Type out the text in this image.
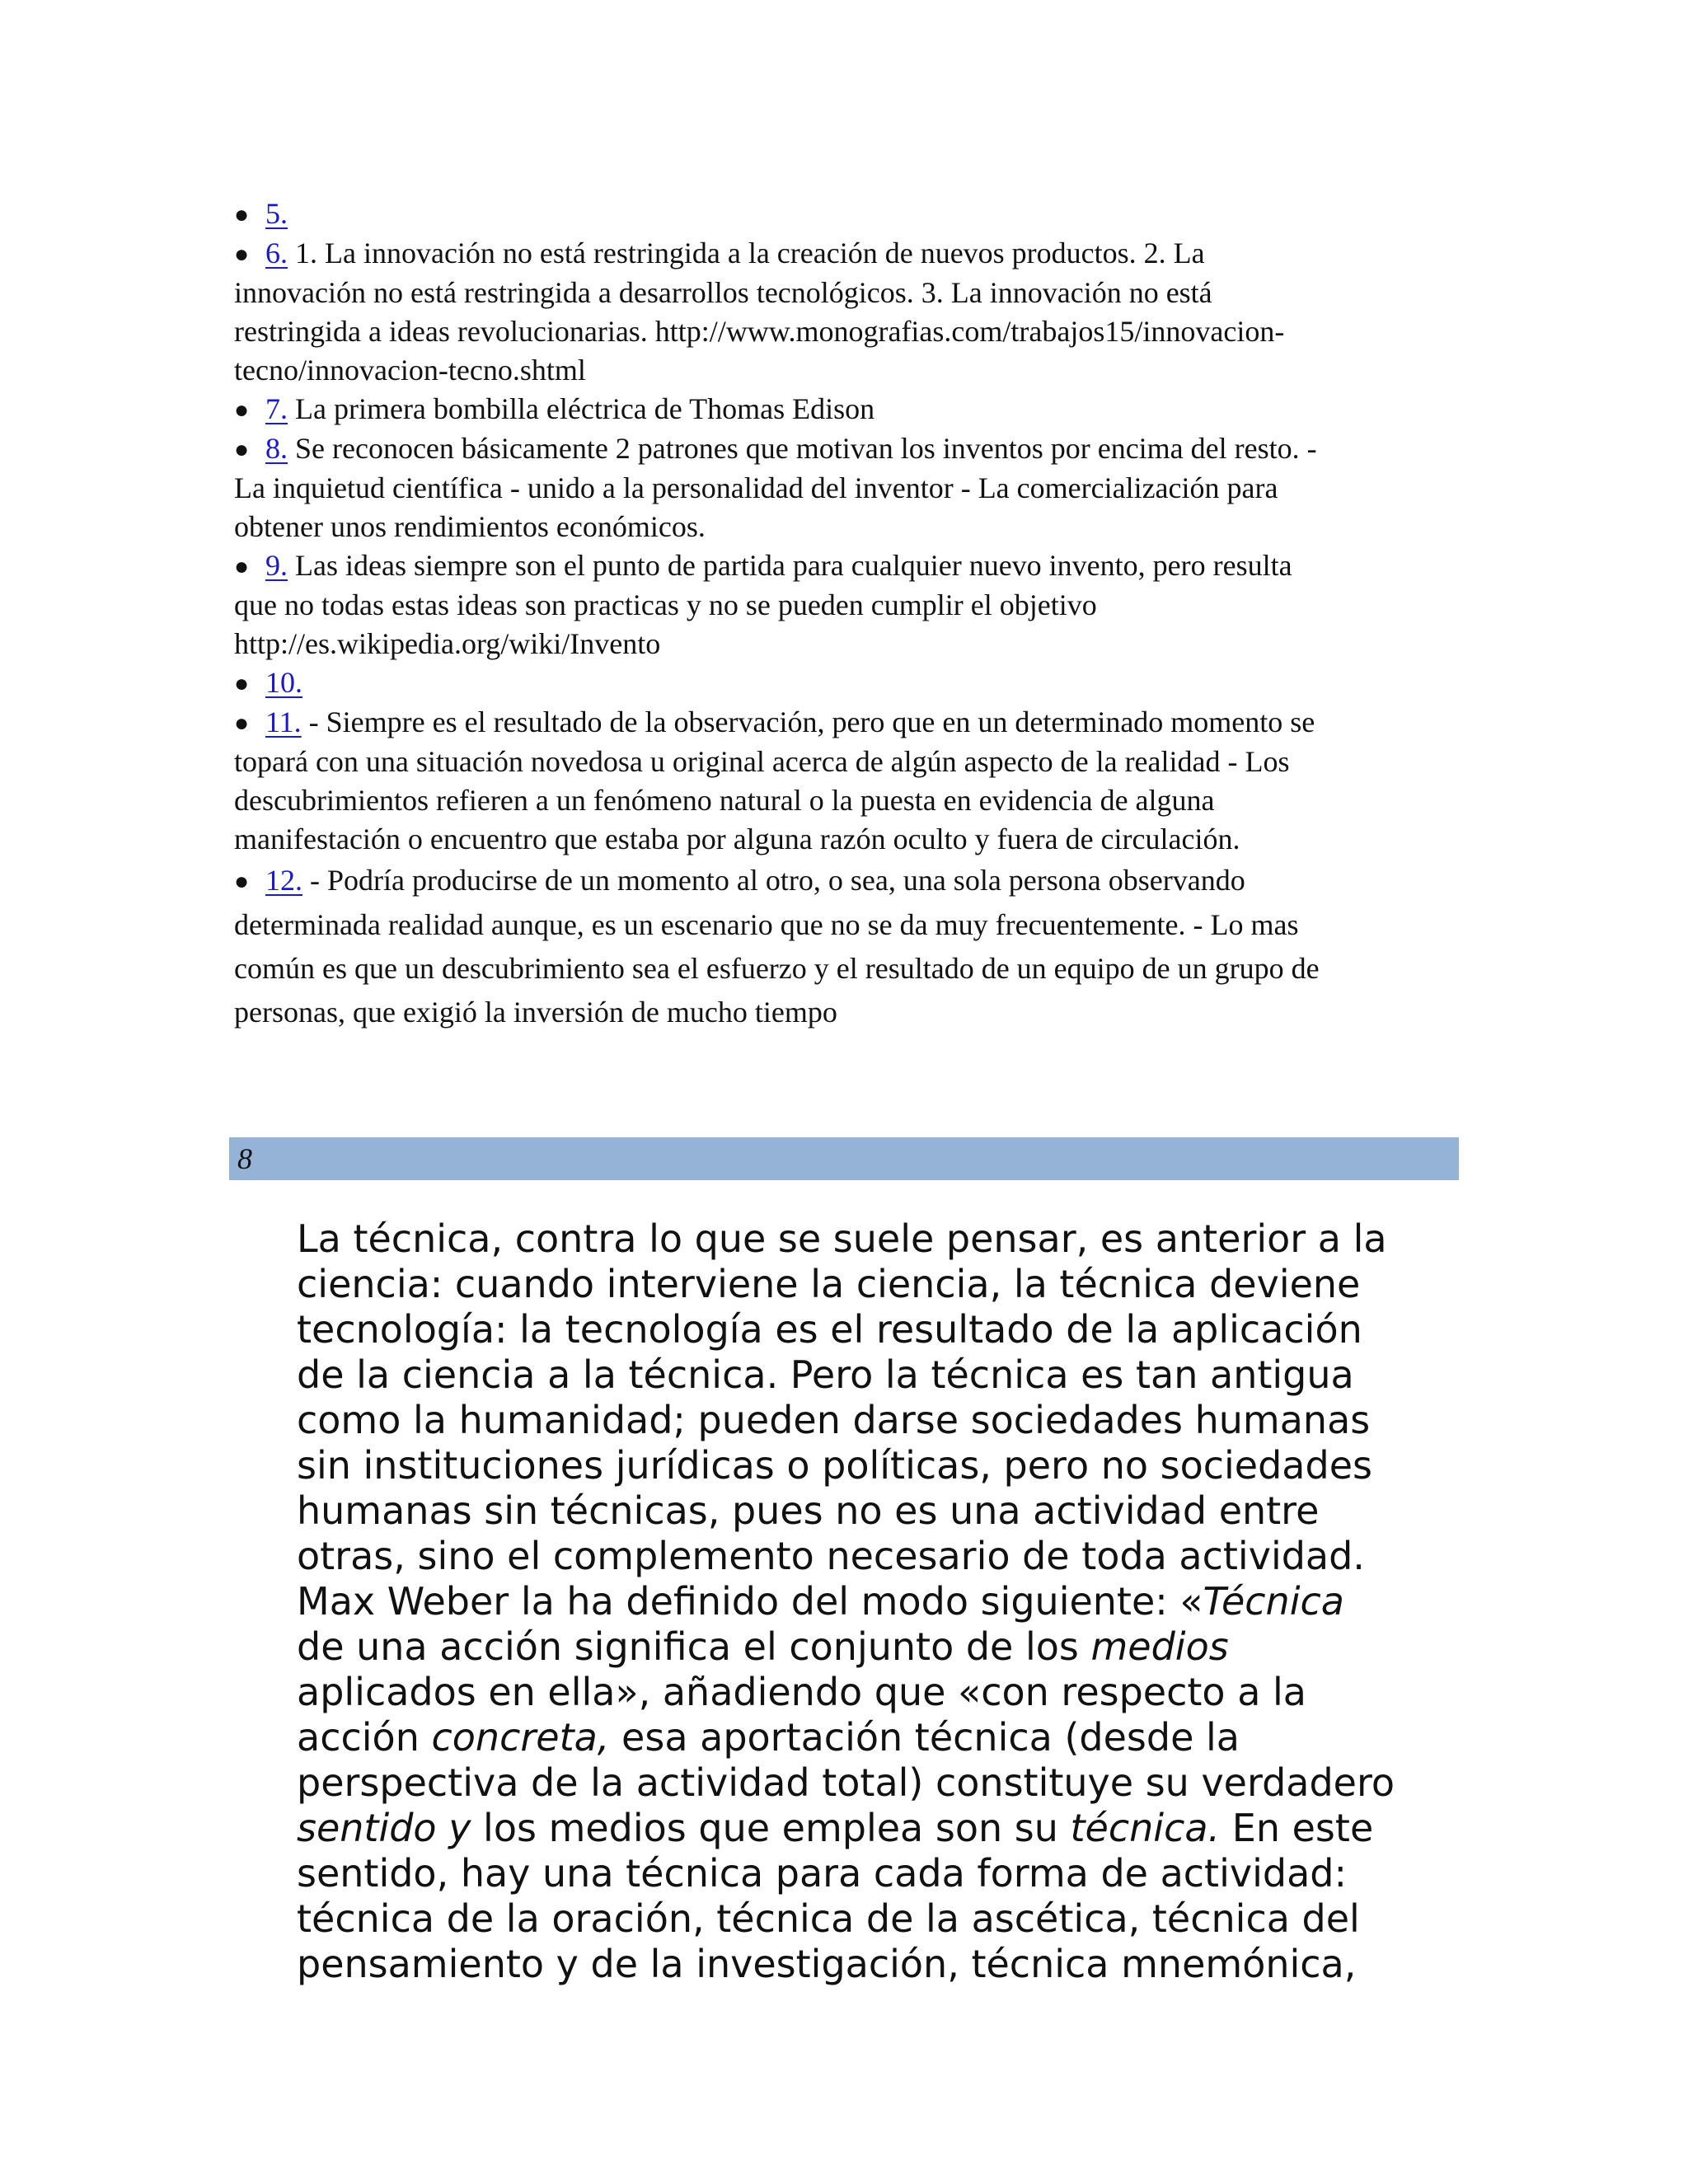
● 5.
● 6. 1. La innovación no está restringida a la creación de nuevos productos. 2. La
innovación no está restringida a desarrollos tecnológicos. 3. La innovación no está
restringida a ideas revolucionarias. http://www.monografias.com/trabajos15/innovacion-
tecno/innovacion-tecno.shtml
● 7. La primera bombilla eléctrica de Thomas Edison
● 8. Se reconocen básicamente 2 patrones que motivan los inventos por encima del resto. -
La inquietud científica - unido a la personalidad del inventor - La comercialización para
obtener unos rendimientos económicos.
● 9. Las ideas siempre son el punto de partida para cualquier nuevo invento, pero resulta
que no todas estas ideas son practicas y no se pueden cumplir el objetivo
http://es.wikipedia.org/wiki/Invento
● 10.
● 11. - Siempre es el resultado de la observación, pero que en un determinado momento se
topará con una situación novedosa u original acerca de algún aspecto de la realidad - Los
descubrimientos refieren a un fenómeno natural o la puesta en evidencia de alguna
manifestación o encuentro que estaba por alguna razón oculto y fuera de circulación.
● 12. - Podría producirse de un momento al otro, o sea, una sola persona observando
determinada realidad aunque, es un escenario que no se da muy frecuentemente. - Lo mas
común es que un descubrimiento sea el esfuerzo y el resultado de un equipo de un grupo de
personas, que exigió la inversión de mucho tiempo
8
La técnica, contra lo que se suele pensar, es anterior a la
ciencia: cuando interviene la ciencia, la técnica deviene
tecnología: la tecnología es el resultado de la aplicación
de la ciencia a la técnica. Pero la técnica es tan antigua
como la humanidad; pueden darse sociedades humanas
sin instituciones jurídicas o políticas, pero no sociedades
humanas sin técnicas, pues no es una actividad entre
otras, sino el complemento necesario de toda actividad.
Max Weber la ha definido del modo siguiente: «Técnica
de una acción significa el conjunto de los medios
aplicados en ella», añadiendo que «con respecto a la
acción concreta, esa aportación técnica (desde la
perspectiva de la actividad total) constituye su verdadero
sentido y los medios que emplea son su técnica. En este
sentido, hay una técnica para cada forma de actividad:
técnica de la oración, técnica de la ascética, técnica del
pensamiento y de la investigación, técnica mnemónica,
